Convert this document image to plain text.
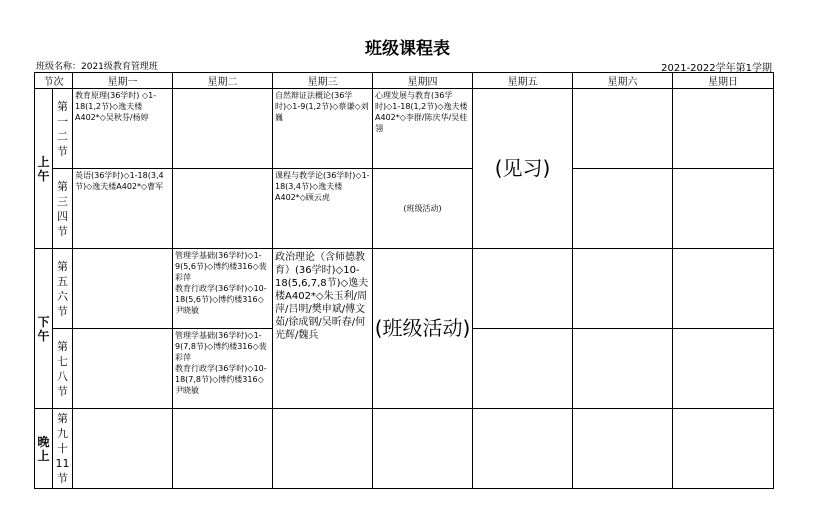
班级课程表
班级名称：2021级教育管理班	2021-2022学年第1学期
节次		星期一	星期二	星期三	星期四	星期五	星期六	星期日
上午	第一二节	教育原理(36学时) ◇1-18(1,2节)◇逸夫楼A402*◇吴秋芬/杨婷		自然辩证法概论(36学时)◇1-9(1,2节)◇蔡谦◇刘巍	心理发展与教育(36学时)◇1-18(1,2节)◇逸夫楼A402*◇李群/陈庆华/吴桂翎	(见习)		
	第三四节	英语(36学时)◇1-18(3,4节)◇逸夫楼A402*◇曹军		课程与教学论(36学时)◇1-18(3,4节)◇逸夫楼A402*◇顾云虎	(班级活动)			
下午	第五六节		管理学基础(36学时)◇1-9(5,6节)◇博约楼316◇裴彩萍
教育行政学(36学时)◇10-18(5,6节)◇博约楼316◇尹晓敏	政治理论（含师德教育）(36学时)◇10-18(5,6,7,8节)◇逸夫楼A402*◇朱玉利/周萍/吕明/樊申斌/傅文茹/徐成钢/吴昕春/何光辉/魏兵	(班级活动)			
	第七八节		管理学基础(36学时)◇1-9(7,8节)◇博约楼316◇裴彩萍
教育行政学(36学时)◇10-18(7,8节)◇博约楼316◇尹晓敏					

晚上	第九十11节							
